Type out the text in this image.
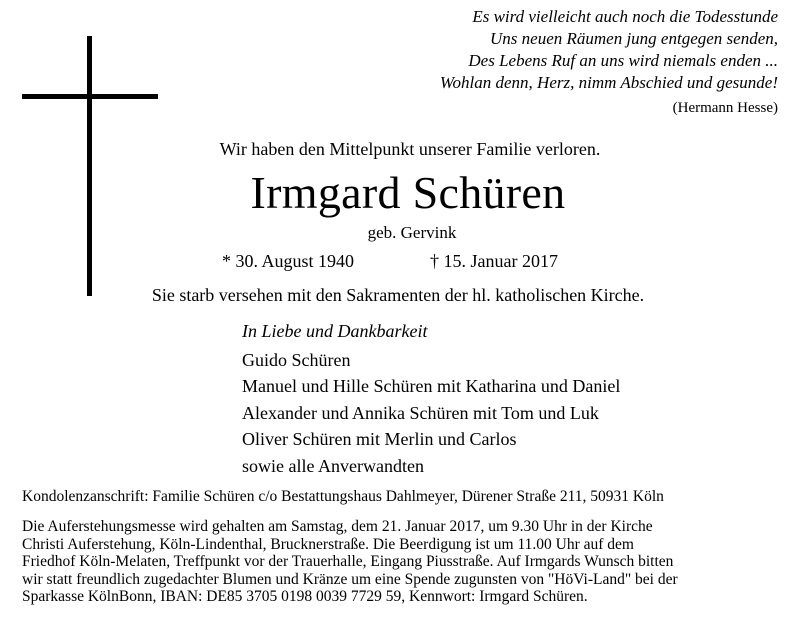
Es wird vielleicht auch noch die Todesstunde
Uns neuen Räumen jung entgegen senden,
Des Lebens Ruf an uns wird niemals enden ...
Wohlan denn, Herz, nimm Abschied und gesunde!
(Hermann Hesse)
Wir haben den Mittelpunkt unserer Familie verloren.
Irmgard Schüren
geb. Gervink
* 30. August 1940	† 15. Januar 2017
Sie starb versehen mit den Sakramenten der hl. katholischen Kirche.
In Liebe und Dankbarkeit
Guido Schüren
Manuel und Hille Schüren mit Katharina und Daniel
Alexander und Annika Schüren mit Tom und Luk
Oliver Schüren mit Merlin und Carlos
sowie alle Anverwandten
Kondolenzanschrift: Familie Schüren c/o Bestattungshaus Dahlmeyer, Dürener Straße 211, 50931 Köln
Die Auferstehungsmesse wird gehalten am Samstag, dem 21. Januar 2017, um 9.30 Uhr in der Kirche
Christi Auferstehung, Köln-Lindenthal, Brucknerstraße. Die Beerdigung ist um 11.00 Uhr auf dem
Friedhof Köln-Melaten, Treffpunkt vor der Trauerhalle, Eingang Piusstraße. Auf Irmgards Wunsch bitten
wir statt freundlich zugedachter Blumen und Kränze um eine Spende zugunsten von "HöVi-Land" bei der
Sparkasse KölnBonn, IBAN: DE85 3705 0198 0039 7729 59, Kennwort: Irmgard Schüren.
